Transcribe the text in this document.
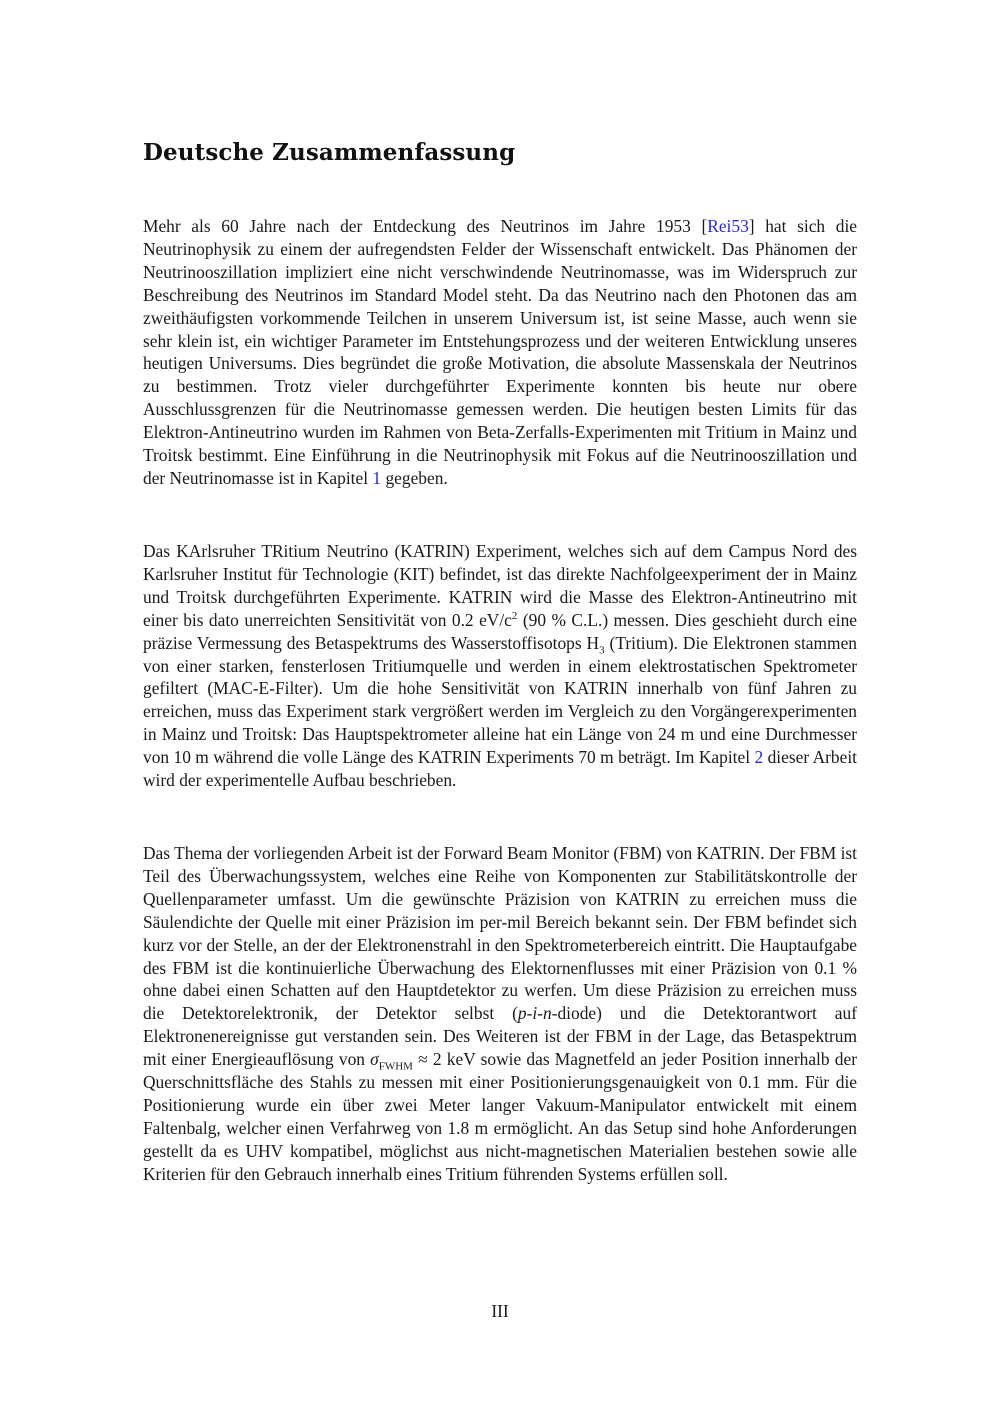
Deutsche Zusammenfassung

Mehr als 60 Jahre nach der Entdeckung des Neutrinos im Jahre 1953 [Rei53] hat sich die Neutrinophysik zu einem der aufregendsten Felder der Wissenschaft entwickelt. Das Phänomen der Neutrinooszillation impliziert eine nicht verschwindende Neutrinomasse, was im Widerspruch zur Beschreibung des Neutrinos im Standard Model steht. Da das Neutrino nach den Photonen das am zweithäufigsten vorkommende Teilchen in unserem Universum ist, ist seine Masse, auch wenn sie sehr klein ist, ein wichtiger Parameter im Entstehungsprozess und der weiteren Entwicklung unseres heutigen Universums. Dies begründet die große Motivation, die absolute Massenskala der Neutrinos zu bestimmen. Trotz vieler durchgeführter Experimente konnten bis heute nur obere Ausschlussgrenzen für die Neutrinomasse gemessen werden. Die heutigen besten Limits für das Elektron-Antineutrino wurden im Rahmen von Beta-Zerfalls-Experimenten mit Tritium in Mainz und Troitsk bestimmt. Eine Einführung in die Neutrinophysik mit Fokus auf die Neutrinooszillation und der Neutrinomasse ist in Kapitel 1 gegeben.

Das KArlsruher TRitium Neutrino (KATRIN) Experiment, welches sich auf dem Campus Nord des Karlsruher Institut für Technologie (KIT) befindet, ist das direkte Nachfolgeexperiment der in Mainz und Troitsk durchgeführten Experimente. KATRIN wird die Masse des Elektron-Antineutrino mit einer bis dato unerreichten Sensitivität von 0.2 $eV/c^2$ (90 % C.L.) messen. Dies geschieht durch eine präzise Vermessung des Betaspektrums des Wasserstoffisotops $H_3$ (Tritium). Die Elektronen stammen von einer starken, fensterlosen Tritiumquelle und werden in einem elektrostatischen Spektrometer gefiltert (MAC-E-Filter). Um die hohe Sensitivität von KATRIN innerhalb von fünf Jahren zu erreichen, muss das Experiment stark vergrößert werden im Vergleich zu den Vorgängerexperimenten in Mainz und Troitsk: Das Hauptspektrometer alleine hat ein Länge von 24 m und eine Durchmesser von 10 m während die volle Länge des KATRIN Experiments 70 m beträgt. Im Kapitel 2 dieser Arbeit wird der experimentelle Aufbau beschrieben.

Das Thema der vorliegenden Arbeit ist der Forward Beam Monitor (FBM) von KATRIN. Der FBM ist Teil des Überwachungssystem, welches eine Reihe von Komponenten zur Stabilitätskontrolle der Quellenparameter umfasst. Um die gewünschte Präzision von KATRIN zu erreichen muss die Säulendichte der Quelle mit einer Präzision im per-mil Bereich bekannt sein. Der FBM befindet sich kurz vor der Stelle, an der der Elektronenstrahl in den Spektrometerbereich eintritt. Die Hauptaufgabe des FBM ist die kontinuierliche Überwachung des Elektornenflusses mit einer Präzision von 0.1 % ohne dabei einen Schatten auf den Hauptdetektor zu werfen. Um diese Präzision zu erreichen muss die Detektorelektronik, der Detektor selbst (p-i-n-diode) und die Detektorantwort auf Elektronenereignisse gut verstanden sein. Des Weiteren ist der FBM in der Lage, das Betaspektrum mit einer Energieauflösung von $\sigma_{FWHM} \approx 2$ keV sowie das Magnetfeld an jeder Position innerhalb der Querschnittsfläche des Stahls zu messen mit einer Positionierungsgenauigkeit von 0.1 mm. Für die Positionierung wurde ein über zwei Meter langer Vakuum-Manipulator entwickelt mit einem Faltenbalg, welcher einen Verfahrweg von 1.8 m ermöglicht. An das Setup sind hohe Anforderungen gestellt da es UHV kompatibel, möglichst aus nicht-magnetischen Materialien bestehen sowie alle Kriterien für den Gebrauch innerhalb eines Tritium führenden Systems erfüllen soll.

III
